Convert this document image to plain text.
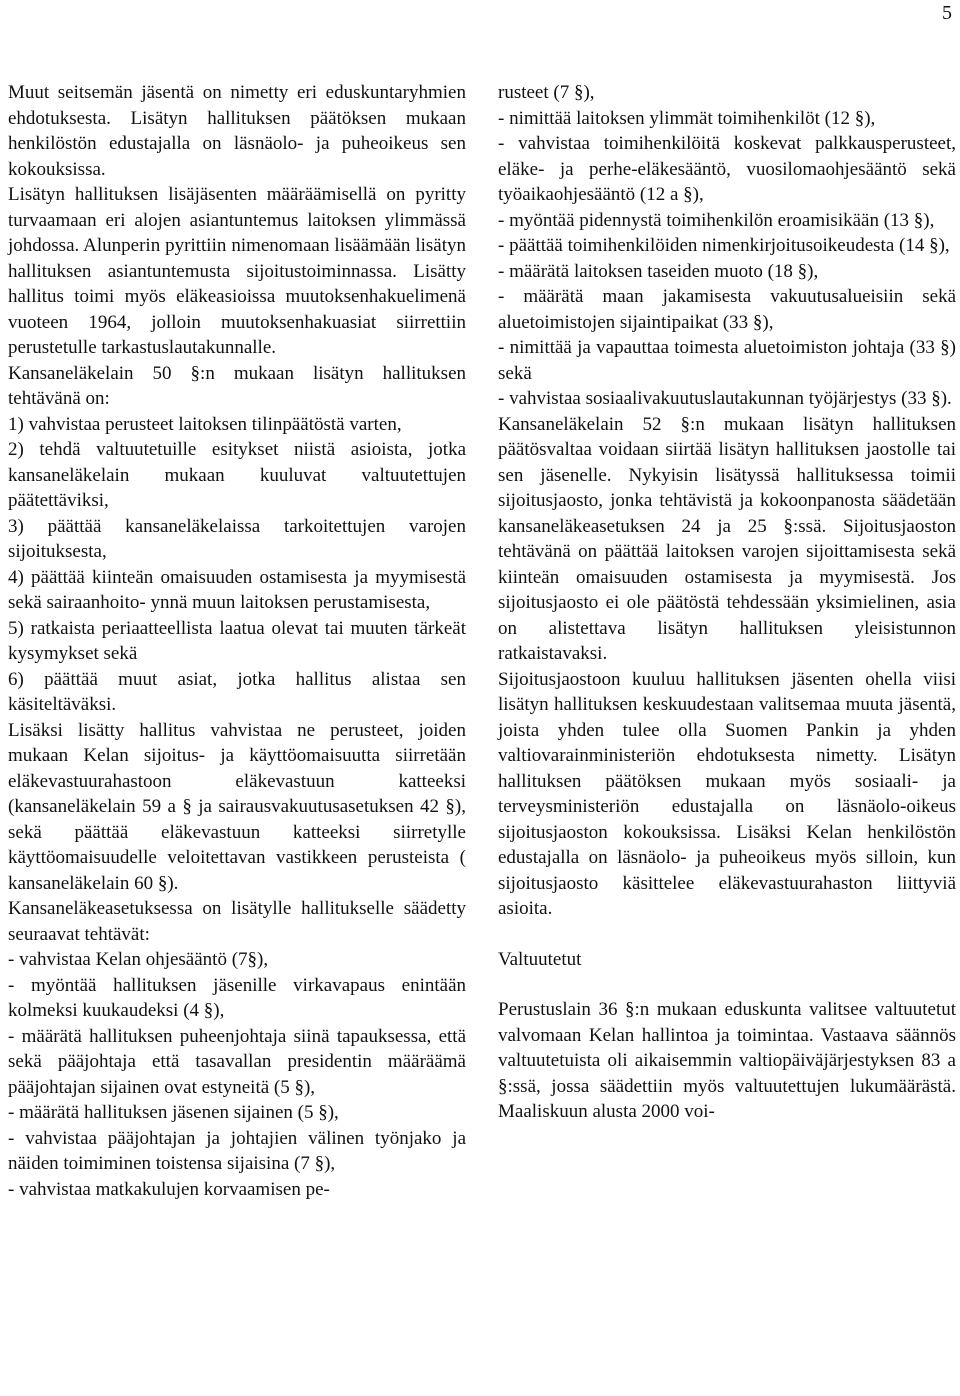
5

Muut seitsemän jäsentä on nimetty eri eduskuntaryhmien ehdotuksesta. Lisätyn hallituksen päätöksen mukaan henkilöstön edustajalla on läsnäolo- ja puheoikeus sen kokouksissa.

Lisätyn hallituksen lisäjäsenten määräämisellä on pyritty turvaamaan eri alojen asiantuntemus laitoksen ylimmässä johdossa. Alunperin pyrittiin nimenomaan lisäämään lisätyn hallituksen asiantuntemusta sijoitustoiminnassa. Lisätty hallitus toimi myös eläkeasioissa muutoksenhakuelimenä vuoteen 1964, jolloin muutoksenhakuasiat siirrettiin perustetulle tarkastuslautakunnalle.

Kansaneläkelain 50 §:n mukaan lisätyn hallituksen tehtävänä on:

1) vahvistaa perusteet laitoksen tilinpäätöstä varten,

2) tehdä valtuutetuille esitykset niistä asioista, jotka kansaneläkelain mukaan kuuluvat valtuutettujen päätettäviksi,

3) päättää kansaneläkelaissa tarkoitettujen varojen sijoituksesta,

4) päättää kiinteän omaisuuden ostamisesta ja myymisestä sekä sairaanhoito- ynnä muun laitoksen perustamisesta,

5) ratkaista periaatteellista laatua olevat tai muuten tärkeät kysymykset sekä

6) päättää muut asiat, jotka hallitus alistaa sen käsiteltäväksi.

Lisäksi lisätty hallitus vahvistaa ne perusteet, joiden mukaan Kelan sijoitus- ja käyttöomaisuutta siirretään eläkevastuurahastoon eläkevastuun katteeksi (kansaneläkelain 59 a § ja sairausvakuutusasetuksen 42 §), sekä päättää eläkevastuun katteeksi siirretylle käyttöomaisuudelle veloitettavan vastikkeen perusteista ( kansaneläkelain 60 §).

Kansaneläkeasetuksessa on lisätylle hallitukselle säädetty seuraavat tehtävät:

- vahvistaa Kelan ohjesääntö (7§),

- myöntää hallituksen jäsenille virkavapaus enintään kolmeksi kuukaudeksi (4 §),

- määrätä hallituksen puheenjohtaja siinä tapauksessa, että sekä pääjohtaja että tasavallan presidentin määräämä pääjohtajan sijainen ovat estyneitä (5 §),

- määrätä hallituksen jäsenen sijainen (5 §),

- vahvistaa pääjohtajan ja johtajien välinen työnjako ja näiden toimiminen toistensa sijaisina (7 §),

- vahvistaa matkakulujen korvaamisen pe-

rusteet (7 §),

- nimittää laitoksen ylimmät toimihenkilöt (12 §),

- vahvistaa toimihenkilöitä koskevat palkkausperusteet, eläke- ja perhe-eläkesääntö, vuosilomaohjesääntö sekä työaikaohjesääntö (12 a §),

- myöntää pidennystä toimihenkilön eroamisikään (13 §),

- päättää toimihenkilöiden nimenkirjoitusoikeudesta (14 §),

- määrätä laitoksen taseiden muoto (18 §),

- määrätä maan jakamisesta vakuutusalueisiin sekä aluetoimistojen sijaintipaikat (33 §),

- nimittää ja vapauttaa toimesta aluetoimiston johtaja (33 §) sekä

- vahvistaa sosiaalivakuutuslautakunnan työjärjestys (33 §).

Kansaneläkelain 52 §:n mukaan lisätyn hallituksen päätösvaltaa voidaan siirtää lisätyn hallituksen jaostolle tai sen jäsenelle. Nykyisin lisätyssä hallituksessa toimii sijoitusjaosto, jonka tehtävistä ja kokoonpanosta säädetään kansaneläkeasetuksen 24 ja 25 §:ssä. Sijoitusjaoston tehtävänä on päättää laitoksen varojen sijoittamisesta sekä kiinteän omaisuuden ostamisesta ja myymisestä. Jos sijoitusjaosto ei ole päätöstä tehdessään yksimielinen, asia on alistettava lisätyn hallituksen yleisistunnon ratkaistavaksi.

Sijoitusjaostoon kuuluu hallituksen jäsenten ohella viisi lisätyn hallituksen keskuudestaan valitsemaa muuta jäsentä, joista yhden tulee olla Suomen Pankin ja yhden valtiovarainministeriön ehdotuksesta nimetty. Lisätyn hallituksen päätöksen mukaan myös sosiaali- ja terveysministeriön edustajalla on läsnäolo-oikeus sijoitusjaoston kokouksissa. Lisäksi Kelan henkilöstön edustajalla on läsnäolo- ja puheoikeus myös silloin, kun sijoitusjaosto käsittelee eläkevastuurahaston liittyviä asioita.

Valtuutetut

Perustuslain 36 §:n mukaan eduskunta valitsee valtuutetut valvomaan Kelan hallintoa ja toimintaa. Vastaava säännös valtuutetuista oli aikaisemmin valtiopäiväjärjestyksen 83 a §:ssä, jossa säädettiin myös valtuutettujen lukumäärästä. Maaliskuun alusta 2000 voi-
